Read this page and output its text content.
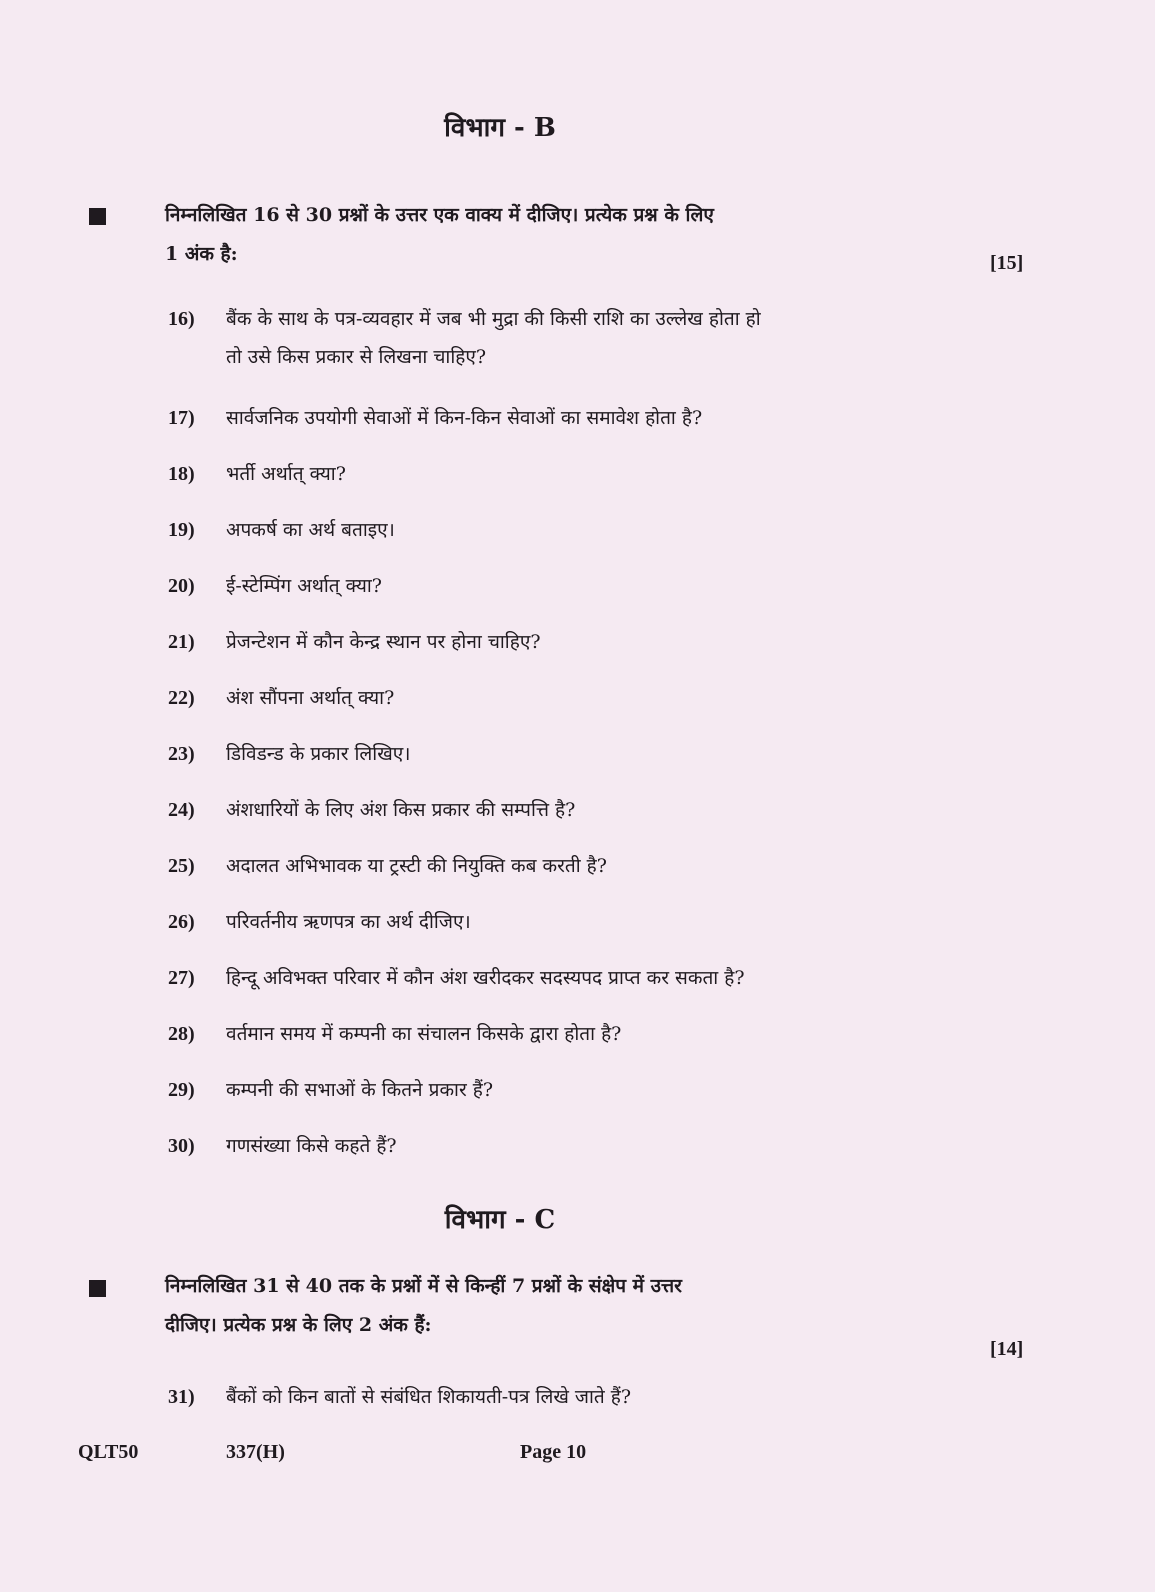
विभाग - B
निम्नलिखित 16 से 30 प्रश्नों के उत्तर एक वाक्य में दीजिए। प्रत्येक प्रश्न के लिए
1 अंक है:	[15]
16) बैंक के साथ के पत्र-व्यवहार में जब भी मुद्रा की किसी राशि का उल्लेख होता हो
तो उसे किस प्रकार से लिखना चाहिए?
17) सार्वजनिक उपयोगी सेवाओं में किन-किन सेवाओं का समावेश होता है?
18) भर्ती अर्थात् क्या?
19) अपकर्ष का अर्थ बताइए।
20) ई-स्टेम्पिंग अर्थात् क्या?
21) प्रेजन्टेशन में कौन केन्द्र स्थान पर होना चाहिए?
22) अंश सौंपना अर्थात् क्या?
23) डिविडन्ड के प्रकार लिखिए।
24) अंशधारियों के लिए अंश किस प्रकार की सम्पत्ति है?
25) अदालत अभिभावक या ट्रस्टी की नियुक्ति कब करती है?
26) परिवर्तनीय ऋणपत्र का अर्थ दीजिए।
27) हिन्दू अविभक्त परिवार में कौन अंश खरीदकर सदस्यपद प्राप्त कर सकता है?
28) वर्तमान समय में कम्पनी का संचालन किसके द्वारा होता है?
29) कम्पनी की सभाओं के कितने प्रकार हैं?
30) गणसंख्या किसे कहते हैं?
विभाग - C
निम्नलिखित 31 से 40 तक के प्रश्नों में से किन्हीं 7 प्रश्नों के संक्षेप में उत्तर
दीजिए। प्रत्येक प्रश्न के लिए 2 अंक हैं:
[14]
31) बैंकों को किन बातों से संबंधित शिकायती-पत्र लिखे जाते हैं?
QLT50	337(H)	Page 10
